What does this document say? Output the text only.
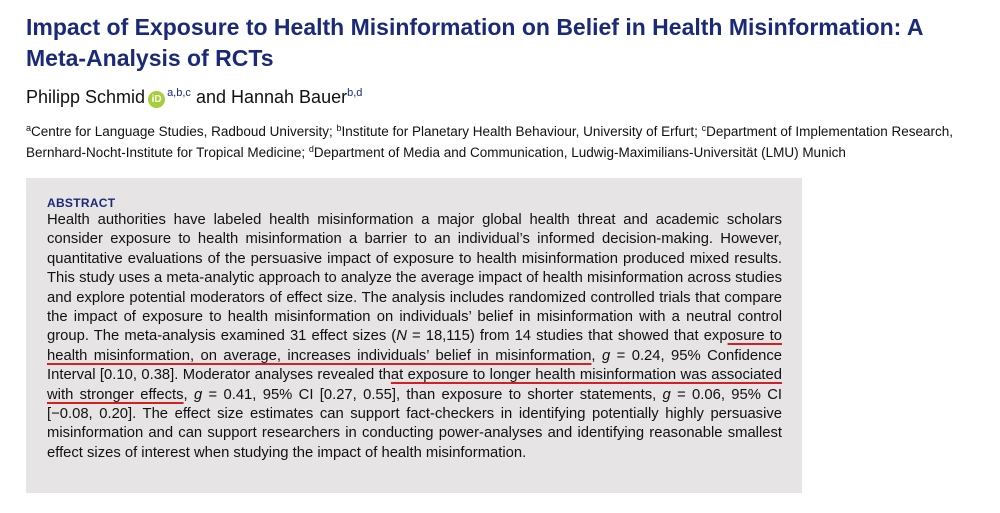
Impact of Exposure to Health Misinformation on Belief in Health Misinformation: A Meta-Analysis of RCTs
Philipp Schmid iD$^{a,b,c}$ and Hannah Bauer$^{b,d}$
$^a$Centre for Language Studies, Radboud University; $^b$Institute for Planetary Health Behaviour, University of Erfurt; $^c$Department of Implementation Research, Bernhard-Nocht-Institute for Tropical Medicine; $^d$Department of Media and Communication, Ludwig-Maximilians-Universität (LMU) Munich
ABSTRACT
Health authorities have labeled health misinformation a major global health threat and academic scholars consider exposure to health misinformation a barrier to an individual’s informed decision-making. However, quantitative evaluations of the persuasive impact of exposure to health misinformation produced mixed results. This study uses a meta-analytic approach to analyze the average impact of health misinformation across studies and explore potential moderators of effect size. The analysis includes randomized controlled trials that compare the impact of exposure to health misinformation on individuals’ belief in misinformation with a neutral control group. The meta-analysis examined 31 effect sizes (N = 18,115) from 14 studies that showed that exposure to health misinformation, on average, increases individuals’ belief in misinformation, g = 0.24, 95% Confidence Interval [0.10, 0.38]. Moderator analyses revealed that exposure to longer health misinformation was associated with stronger effects, g = 0.41, 95% CI [0.27, 0.55], than exposure to shorter statements, g = 0.06, 95% CI [−0.08, 0.20]. The effect size estimates can support fact-checkers in identifying potentially highly persuasive misinformation and can support researchers in conducting power-analyses and identifying reasonable smallest effect sizes of interest when studying the impact of health misinformation.
